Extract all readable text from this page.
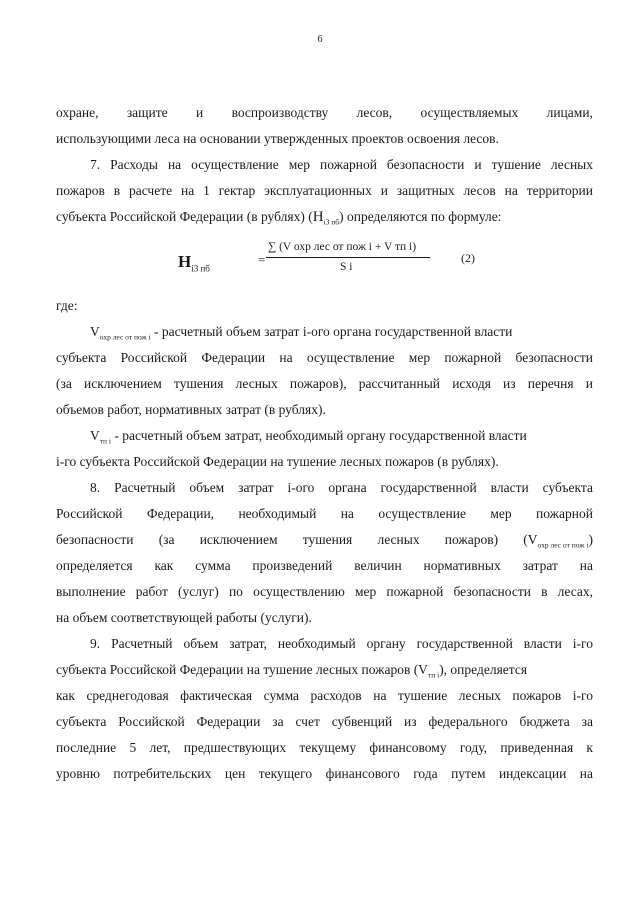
6
охране, защите и воспроизводству лесов, осуществляемых лицами,
использующими леса на основании утвержденных проектов освоения лесов.
7. Расходы на осуществление мер пожарной безопасности и тушение лесных
пожаров в расчете на 1 гектар эксплуатационных и защитных лесов на территории
субъекта Российской Федерации (в рублях) $(H_{i3 пб})$ определяются по формуле:
где:
$V_{охр лес от пож i}$ - расчетный объем затрат i-ого органа государственной власти
субъекта Российской Федерации на осуществление мер пожарной безопасности
(за исключением тушения лесных пожаров), рассчитанный исходя из перечня и
объемов работ, нормативных затрат (в рублях).
$V_{тп i}$ - расчетный объем затрат, необходимый органу государственной власти
i-го субъекта Российской Федерации на тушение лесных пожаров (в рублях).
8. Расчетный объем затрат i-ого органа государственной власти субъекта
Российской Федерации, необходимый на осуществление мер пожарной
безопасности (за исключением тушения лесных пожаров) $(V_{охр лес от пож i})$
определяется как сумма произведений величин нормативных затрат на
выполнение работ (услуг) по осуществлению мер пожарной безопасности в лесах,
на объем соответствующей работы (услуги).
9. Расчетный объем затрат, необходимый органу государственной власти i-го
субъекта Российской Федерации на тушение лесных пожаров $(V_{тп i})$, определяется
как среднегодовая фактическая сумма расходов на тушение лесных пожаров i-го
субъекта Российской Федерации за счет субвенций из федерального бюджета за
последние 5 лет, предшествующих текущему финансовому году, приведенная к
уровню потребительских цен текущего финансового года путем индексации на
$H_{i3 пб}$
=
∑ (V охр лес от пож i + V тп i)
S i
(2)
